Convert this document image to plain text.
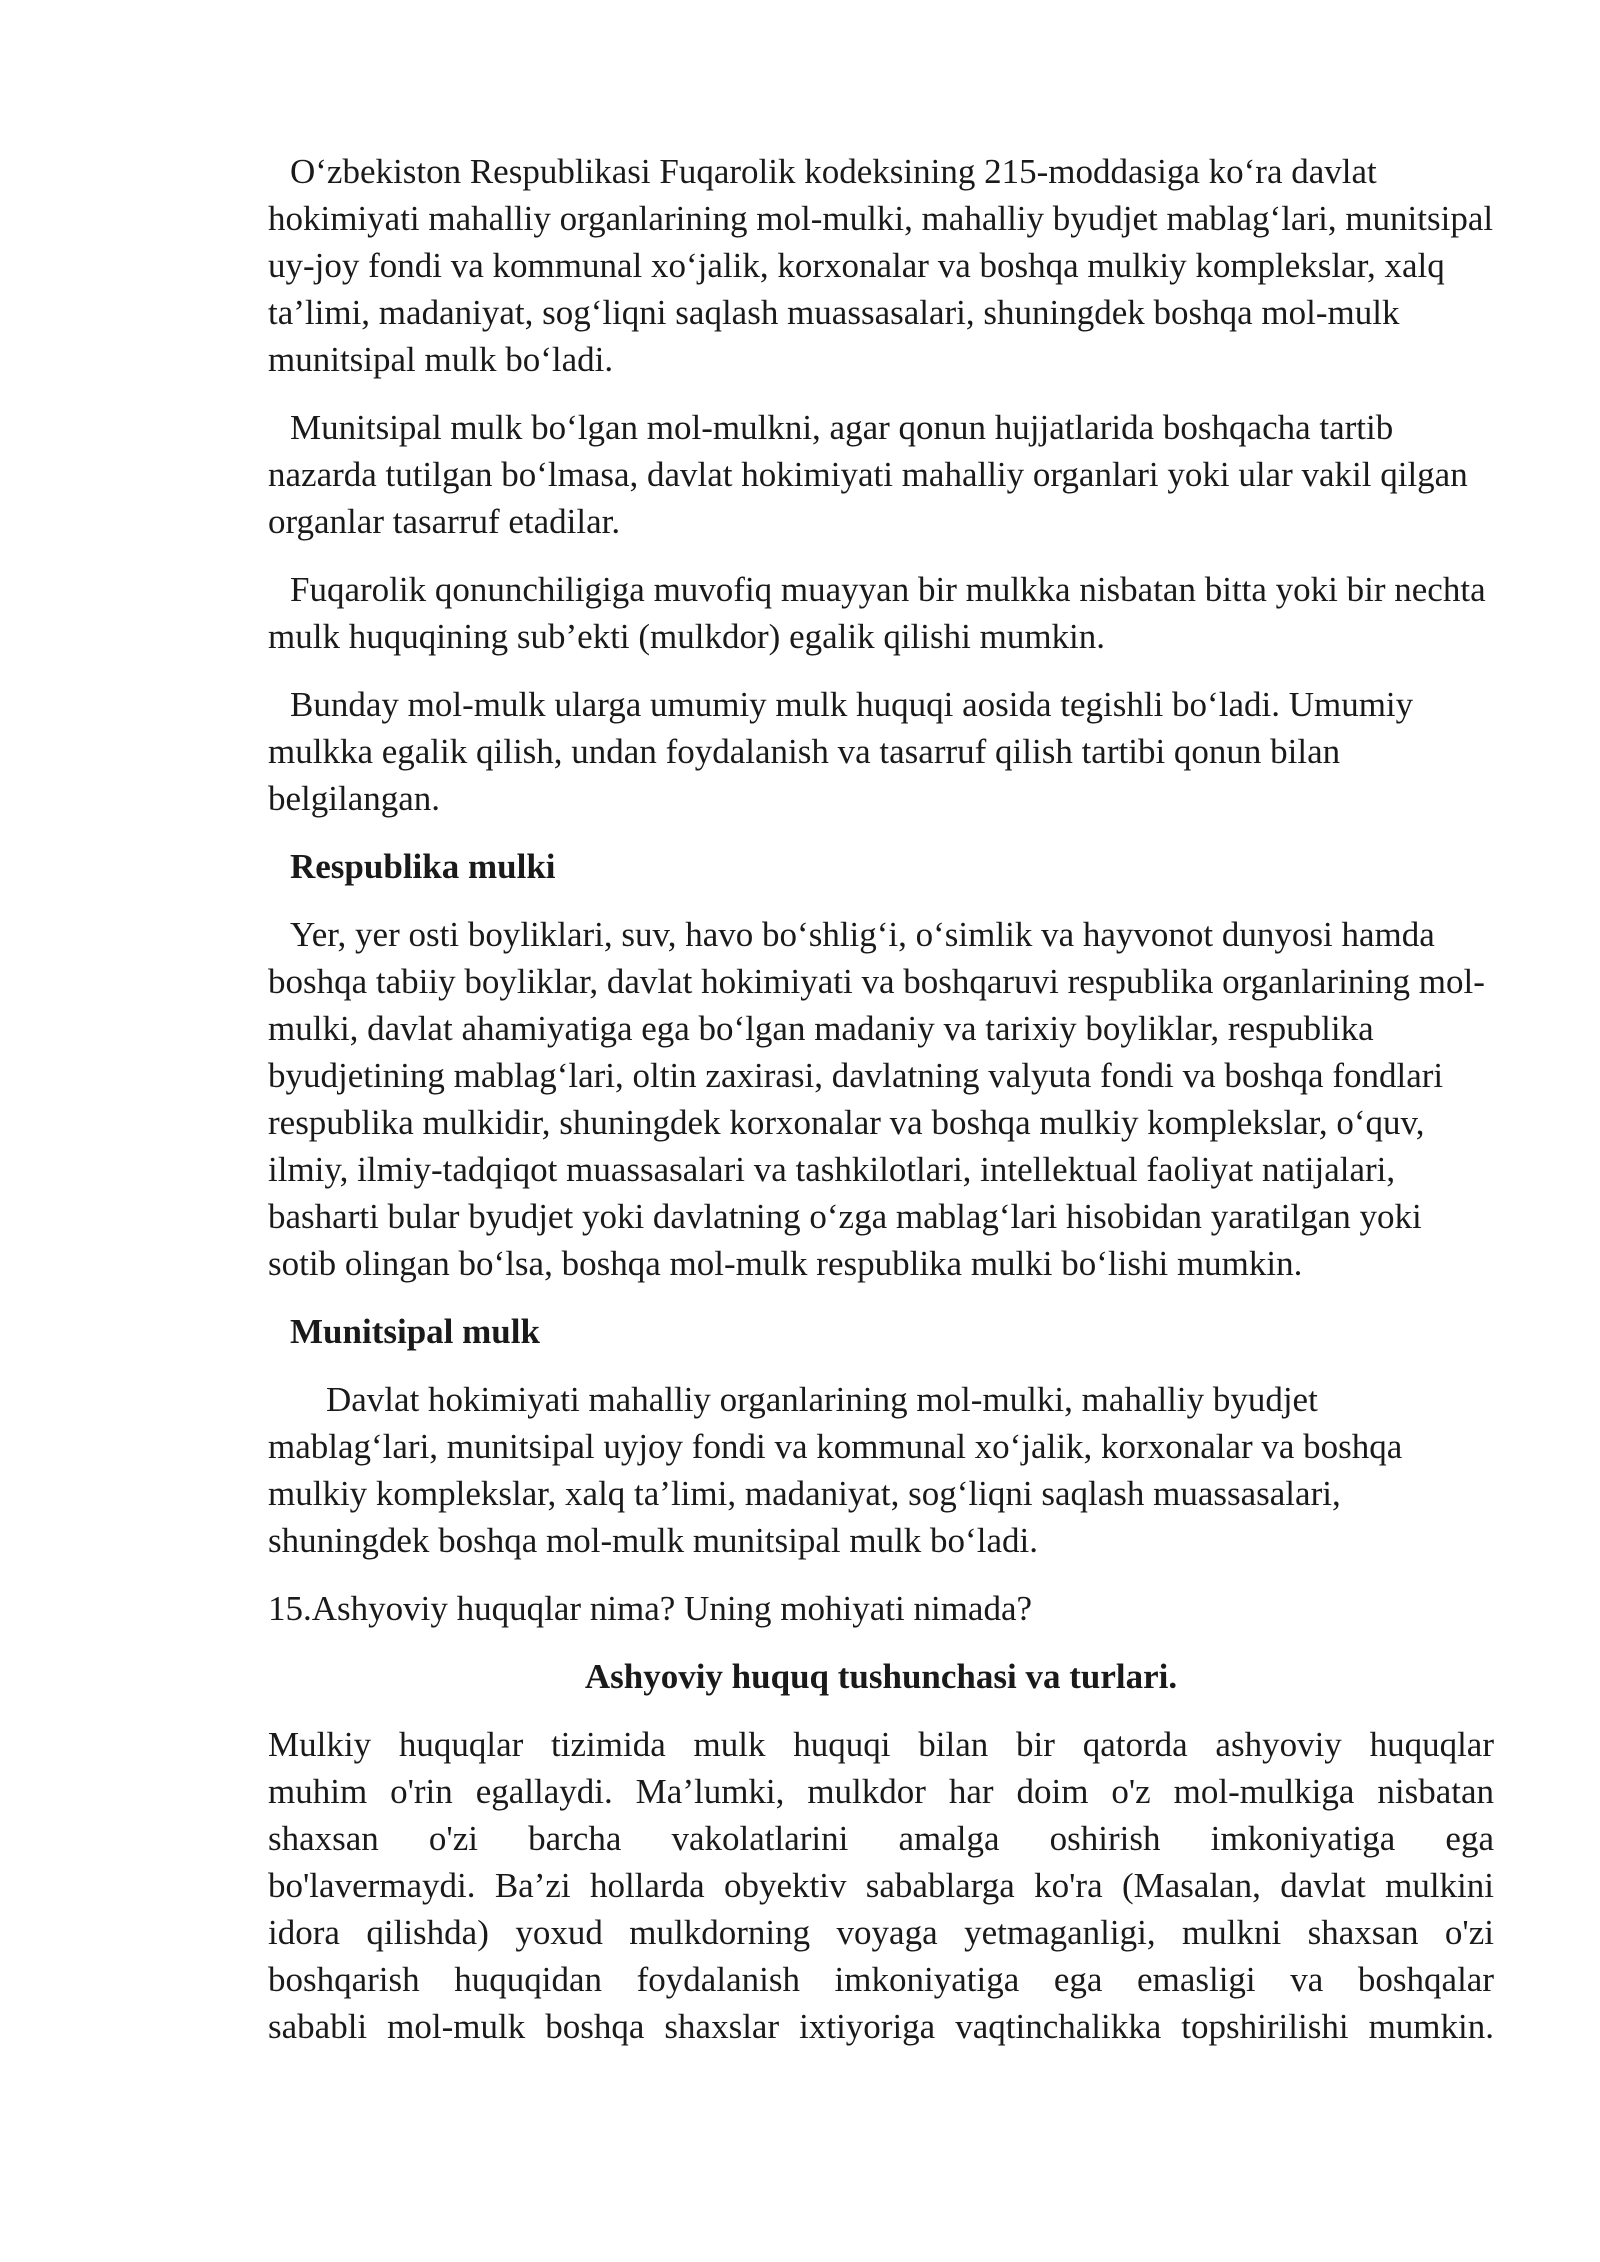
O‘zbekiston Respublikasi Fuqarolik kodeksining 215-moddasiga ko‘ra davlat hokimiyati mahalliy organlarining mol-mulki, mahalliy byudjet mablag‘lari, munitsipal uy-joy fondi va kommunal xo‘jalik, korxonalar va boshqa mulkiy komplekslar, xalq ta’limi, madaniyat, sog‘liqni saqlash muassasalari, shuningdek boshqa mol-mulk munitsipal mulk bo‘ladi.

Munitsipal mulk bo‘lgan mol-mulkni, agar qonun hujjatlarida boshqacha tartib nazarda tutilgan bo‘lmasa, davlat hokimiyati mahalliy organlari yoki ular vakil qilgan organlar tasarruf etadilar.

Fuqarolik qonunchiligiga muvofiq muayyan bir mulkka nisbatan bitta yoki bir nechta mulk huquqining sub’ekti (mulkdor) egalik qilishi mumkin.

Bunday mol-mulk ularga umumiy mulk huquqi aosida tegishli bo‘ladi. Umumiy mulkka egalik qilish, undan foydalanish va tasarruf qilish tartibi qonun bilan belgilangan.

Respublika mulki

Yer, yer osti boyliklari, suv, havo bo‘shlig‘i, o‘simlik va hayvonot dunyosi hamda boshqa tabiiy boyliklar, davlat hokimiyati va boshqaruvi respublika organlarining mol-mulki, davlat ahamiyatiga ega bo‘lgan madaniy va tarixiy boyliklar, respublika byudjetining mablag‘lari, oltin zaxirasi, davlatning valyuta fondi va boshqa fondlari respublika mulkidir, shuningdek korxonalar va boshqa mulkiy komplekslar, o‘quv, ilmiy, ilmiy-tadqiqot muassasalari va tashkilotlari, intellektual faoliyat natijalari, basharti bular byudjet yoki davlatning o‘zga mablag‘lari hisobidan yaratilgan yoki sotib olingan bo‘lsa, boshqa mol-mulk respublika mulki bo‘lishi mumkin.

Munitsipal mulk

Davlat hokimiyati mahalliy organlarining mol-mulki, mahalliy byudjet mablag‘lari, munitsipal uyjoy fondi va kommunal xo‘jalik, korxonalar va boshqa mulkiy komplekslar, xalq ta’limi, madaniyat, sog‘liqni saqlash muassasalari, shuningdek boshqa mol-mulk munitsipal mulk bo‘ladi.

15.Ashyoviy huquqlar nima? Uning mohiyati nimada?

Ashyoviy huquq tushunchasi va turlari.

Mulkiy huquqlar tizimida mulk huquqi bilan bir qatorda ashyoviy huquqlar
muhim o'rin egallaydi. Ma’lumki, mulkdor har doim o'z mol-mulkiga nisbatan
shaxsan o'zi barcha vakolatlarini amalga oshirish imkoniyatiga ega
bo'lavermaydi. Ba’zi hollarda obyektiv sabablarga ko'ra (Masalan, davlat mulkini
idora qilishda) yoxud mulkdorning voyaga yetmaganligi, mulkni shaxsan o'zi
boshqarish huquqidan foydalanish imkoniyatiga ega emasligi va boshqalar
sababli mol-mulk boshqa shaxslar ixtiyoriga vaqtinchalikka topshirilishi mumkin.
